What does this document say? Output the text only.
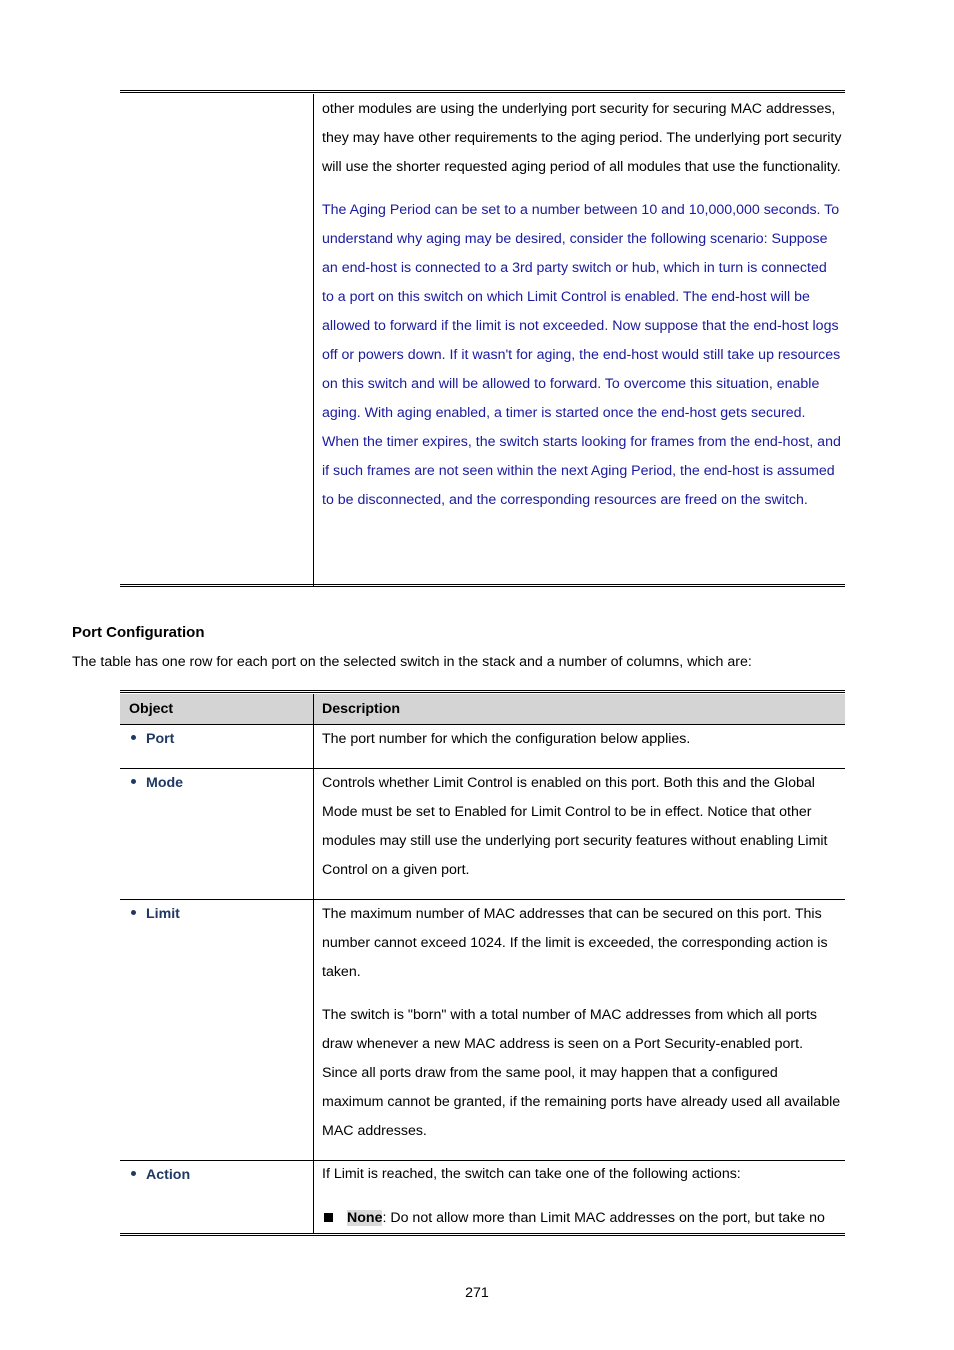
other modules are using the underlying port security for securing MAC addresses, they may have other requirements to the aging period. The underlying port security will use the shorter requested aging period of all modules that use the functionality.

The Aging Period can be set to a number between 10 and 10,000,000 seconds. To understand why aging may be desired, consider the following scenario: Suppose an end-host is connected to a 3rd party switch or hub, which in turn is connected to a port on this switch on which Limit Control is enabled. The end-host will be allowed to forward if the limit is not exceeded. Now suppose that the end-host logs off or powers down. If it wasn't for aging, the end-host would still take up resources on this switch and will be allowed to forward. To overcome this situation, enable aging. With aging enabled, a timer is started once the end-host gets secured. When the timer expires, the switch starts looking for frames from the end-host, and if such frames are not seen within the next Aging Period, the end-host is assumed to be disconnected, and the corresponding resources are freed on the switch.

Port Configuration
The table has one row for each port on the selected switch in the stack and a number of columns, which are:
Object	Description
Port	The port number for which the configuration below applies.

Mode	Controls whether Limit Control is enabled on this port. Both this and the Global Mode must be set to Enabled for Limit Control to be in effect. Notice that other modules may still use the underlying port security features without enabling Limit Control on a given port.

Limit	The maximum number of MAC addresses that can be secured on this port. This number cannot exceed 1024. If the limit is exceeded, the corresponding action is taken.

The switch is "born" with a total number of MAC addresses from which all ports draw whenever a new MAC address is seen on a Port Security-enabled port. Since all ports draw from the same pool, it may happen that a configured maximum cannot be granted, if the remaining ports have already used all available MAC addresses.

Action	If Limit is reached, the switch can take one of the following actions:

None: Do not allow more than Limit MAC addresses on the port, but take no

271
